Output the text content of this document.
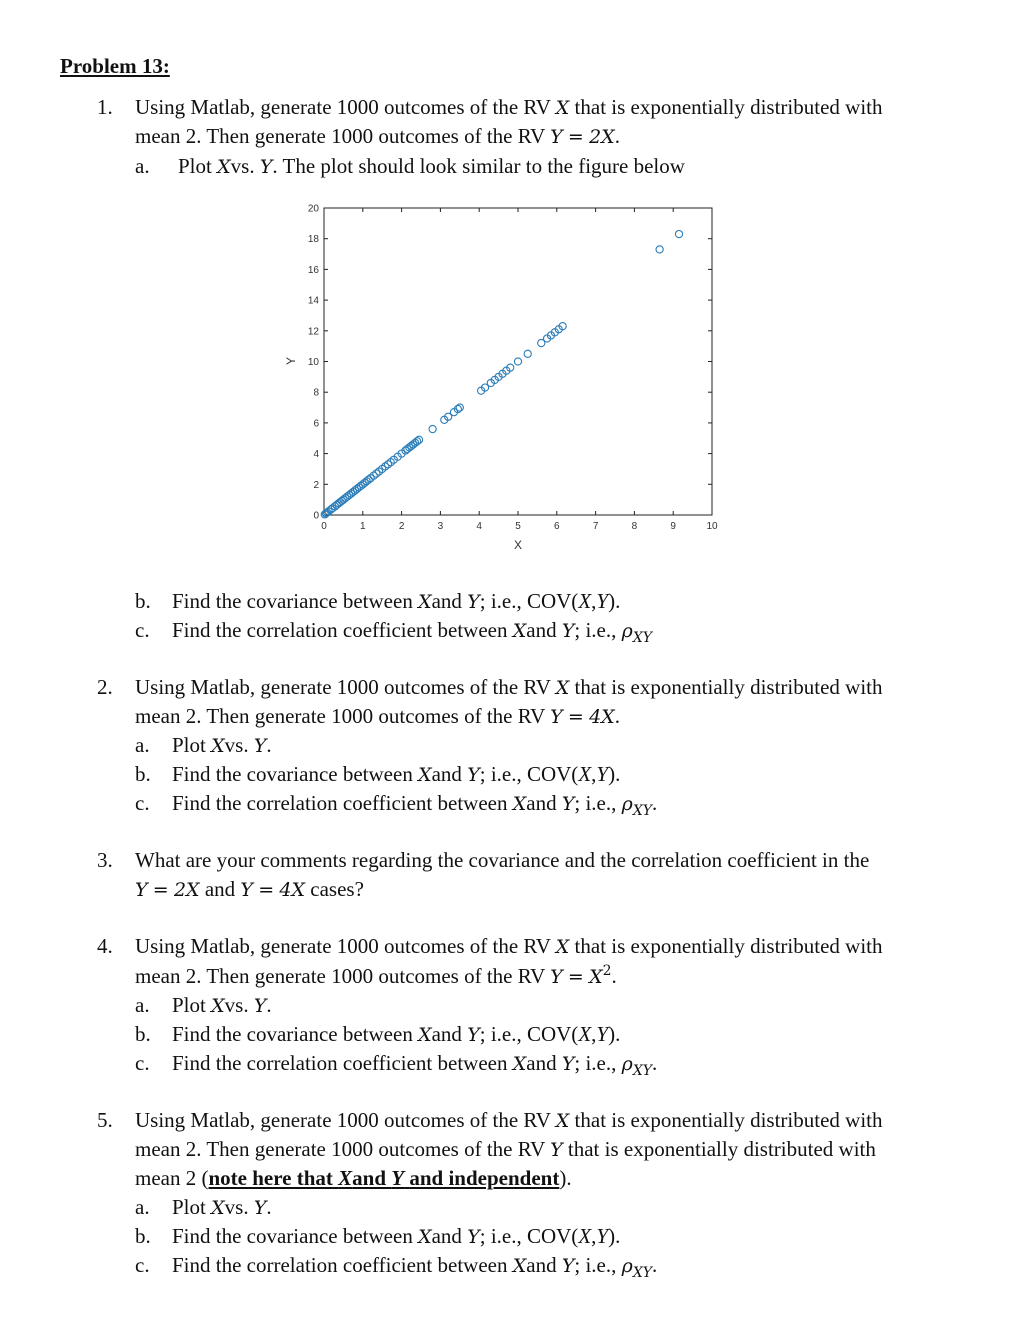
Problem 13:
1. Using Matlab, generate 1000 outcomes of the RV X that is exponentially distributed with
mean 2. Then generate 1000 outcomes of the RV Y = 2X.
a. Plot Xvs. Y. The plot should look similar to the figure below
0	1	2	3	4	5	6	7	8	9	10
0
2
4
6
8
10
12
14
16
18
20
X
Y
b. Find the covariance between Xand Y; i.e., COV(X,Y).
c. Find the correlation coefficient between Xand Y; i.e., $\rho_{XY}$
2. Using Matlab, generate 1000 outcomes of the RV X that is exponentially distributed with
mean 2. Then generate 1000 outcomes of the RV Y = 4X.
a. Plot Xvs. Y.
b. Find the covariance between Xand Y; i.e., COV(X,Y).
c. Find the correlation coefficient between Xand Y; i.e., $\rho_{XY}$.
3. What are your comments regarding the covariance and the correlation coefficient in the
Y = 2X and Y = 4X cases?
4. Using Matlab, generate 1000 outcomes of the RV X that is exponentially distributed with
mean 2. Then generate 1000 outcomes of the RV $Y = X^2$.
a. Plot Xvs. Y.
b. Find the covariance between Xand Y; i.e., COV(X,Y).
c. Find the correlation coefficient between Xand Y; i.e., $\rho_{XY}$.
5. Using Matlab, generate 1000 outcomes of the RV X that is exponentially distributed with
mean 2. Then generate 1000 outcomes of the RV Y that is exponentially distributed with
mean 2 (note here that Xand Y and independent).
a. Plot Xvs. Y.
b. Find the covariance between Xand Y; i.e., COV(X,Y).
c. Find the correlation coefficient between Xand Y; i.e., $\rho_{XY}$.
